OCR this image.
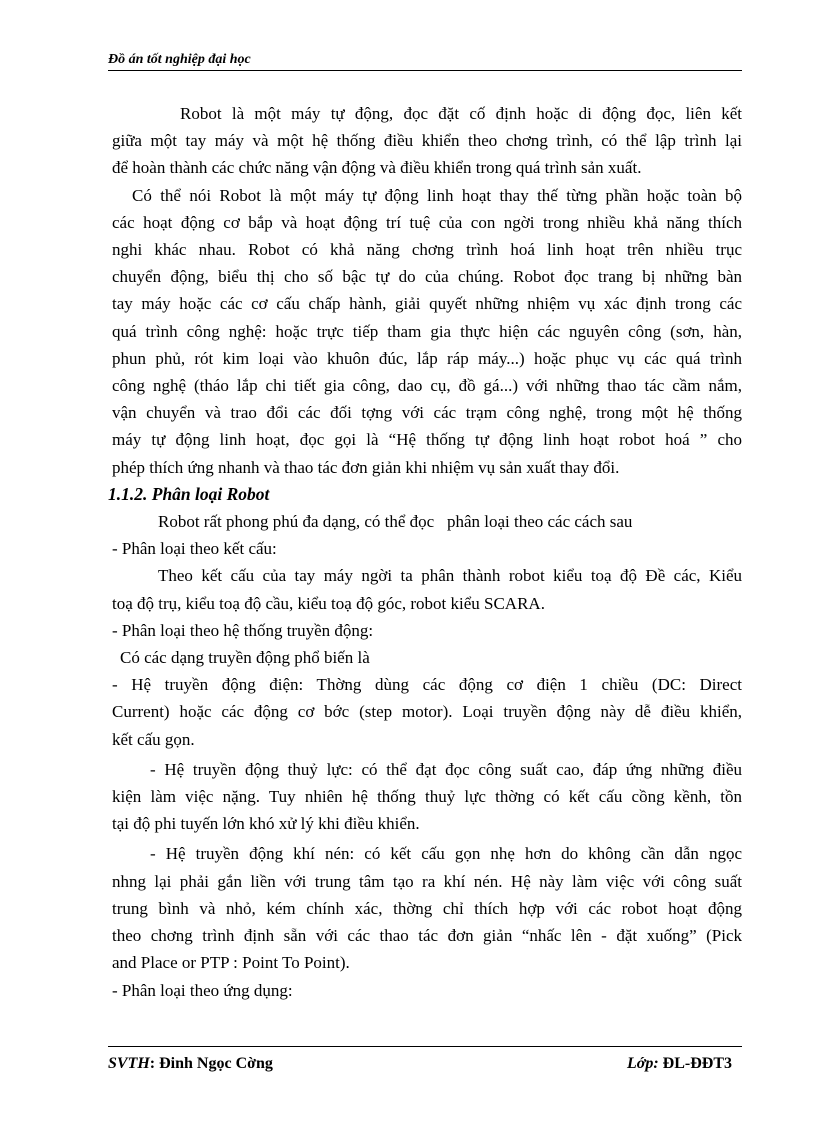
Đồ án tốt nghiệp đại học

Robot là một máy tự động, đọc đặt cố định hoặc di động đọc, liên kết
giữa một tay máy và một hệ thống điều khiển theo chơng trình, có thể lập trình lại
để hoàn thành các chức năng vận động và điều khiển trong quá trình sản xuất.

Có thể nói Robot là một máy tự động linh hoạt thay thế từng phần hoặc toàn bộ
các hoạt động cơ bắp và hoạt động trí tuệ của con ngời trong nhiều khả năng thích
nghi khác nhau. Robot có khả năng chơng trình hoá linh hoạt trên nhiều trục
chuyển động, biểu thị cho số bậc tự do của chúng. Robot đọc trang bị những bàn
tay máy hoặc các cơ cấu chấp hành, giải quyết những nhiệm vụ xác định trong các
quá trình công nghệ: hoặc trực tiếp tham gia thực hiện các nguyên công (sơn, hàn,
phun phủ, rót kim loại vào khuôn đúc, lắp ráp máy...) hoặc phục vụ các quá trình
công nghệ (tháo lắp chi tiết gia công, dao cụ, đồ gá...) với những thao tác cầm nắm,
vận chuyển và trao đổi các đối tợng với các trạm công nghệ, trong một hệ thống
máy tự động linh hoạt, đọc gọi là “Hệ thống tự động linh hoạt robot hoá ” cho
phép thích ứng nhanh và thao tác đơn giản khi nhiệm vụ sản xuất thay đổi.

1.1.2. Phân loại Robot

Robot rất phong phú đa dạng, có thể đọc   phân loại theo các cách sau

- Phân loại theo kết cấu:

Theo kết cấu của tay máy ngời ta phân thành robot kiểu toạ độ Đề các, Kiểu
toạ độ trụ, kiểu toạ độ cầu, kiểu toạ độ góc, robot kiểu SCARA.

- Phân loại theo hệ thống truyền động:

Có các dạng truyền động phổ biến là

- Hệ truyền động điện: Thờng dùng các động cơ điện 1 chiều (DC: Direct
Current) hoặc các động cơ bớc (step motor). Loại truyền động này dễ điều khiển,
kết cấu gọn.

- Hệ truyền động thuỷ lực: có thể đạt đọc công suất cao, đáp ứng những điều
kiện làm việc nặng. Tuy nhiên hệ thống thuỷ lực thờng có kết cấu cồng kềnh, tồn
tại độ phi tuyến lớn khó xử lý khi điều khiển.

- Hệ truyền động khí nén: có kết cấu gọn nhẹ hơn do không cần dẫn ngọc
nhng lại phải gắn liền với trung tâm tạo ra khí nén. Hệ này làm việc với công suất
trung bình và nhỏ, kém chính xác, thờng chỉ thích hợp với các robot hoạt động
theo chơng trình định sẵn với các thao tác đơn giản “nhấc lên - đặt xuống” (Pick
and Place or PTP : Point To Point).

- Phân loại theo ứng dụng:

SVTH: Đinh Ngọc Cờng	Lớp: ĐL-ĐĐT3
